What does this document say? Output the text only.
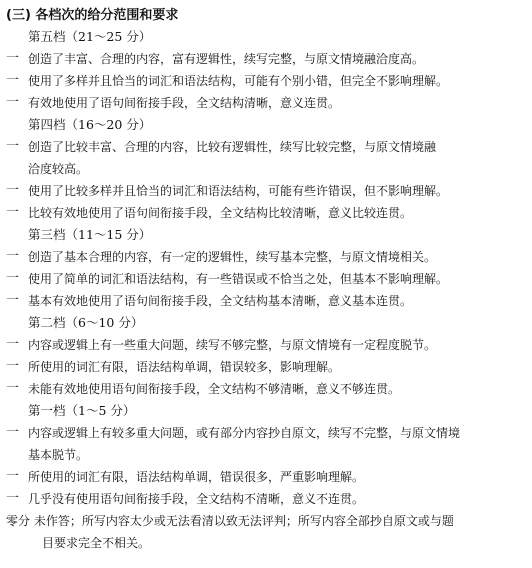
(三) 各档次的给分范围和要求
第五档（21～25 分）
一 创造了丰富、合理的内容，富有逻辑性，续写完整，与原文情境融洽度高。
一 使用了多样并且恰当的词汇和语法结构，可能有个别小错，但完全不影响理解。
一 有效地使用了语句间衔接手段，全文结构清晰，意义连贯。
第四档（16～20 分）
一 创造了比较丰富、合理的内容，比较有逻辑性，续写比较完整，与原文情境融
洽度较高。
一 使用了比较多样并且恰当的词汇和语法结构，可能有些许错误，但不影响理解。
一 比较有效地使用了语句间衔接手段，全文结构比较清晰，意义比较连贯。
第三档（11～15 分）
一 创造了基本合理的内容，有一定的逻辑性，续写基本完整，与原文情境相关。
一 使用了简单的词汇和语法结构，有一些错误或不恰当之处，但基本不影响理解。
一 基本有效地使用了语句间衔接手段，全文结构基本清晰，意义基本连贯。
第二档（6～10 分）
一 内容或逻辑上有一些重大问题，续写不够完整，与原文情境有一定程度脱节。
一 所使用的词汇有限，语法结构单调，错误较多，影响理解。
一 未能有效地使用语句间衔接手段，全文结构不够清晰，意义不够连贯。
第一档（1～5 分）
一 内容或逻辑上有较多重大问题，或有部分内容抄自原文，续写不完整，与原文情境
基本脱节。
一 所使用的词汇有限，语法结构单调，错误很多，严重影响理解。
一 几乎没有使用语句间衔接手段，全文结构不清晰，意义不连贯。
零分 未作答；所写内容太少或无法看清以致无法评判；所写内容全部抄自原文或与题
目要求完全不相关。
